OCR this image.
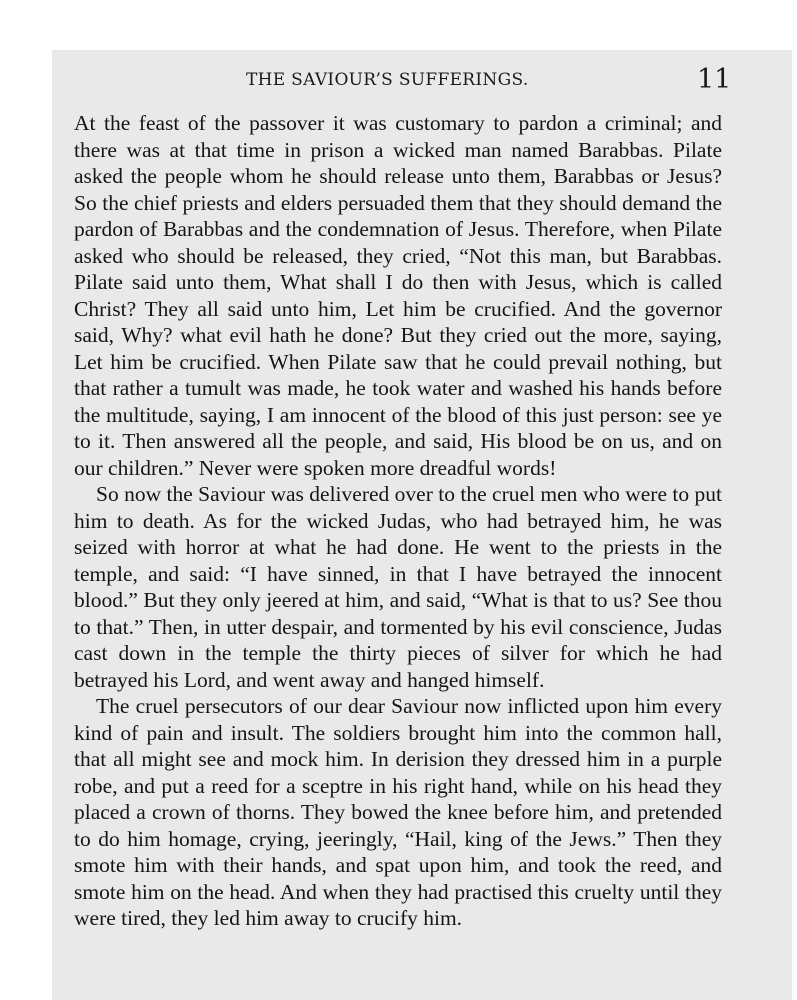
THE SAVIOUR’S SUFFERINGS.	11

At the feast of the passover it was customary to pardon a criminal; and there was at that time in prison a wicked man named Barabbas. Pilate asked the people whom he should release unto them, Barabbas or Jesus? So the chief priests and elders persuaded them that they should demand the pardon of Barabbas and the condemnation of Jesus. Therefore, when Pilate asked who should be released, they cried, “Not this man, but Barabbas. Pilate said unto them, What shall I do then with Jesus, which is called Christ? They all said unto him, Let him be crucified. And the governor said, Why? what evil hath he done? But they cried out the more, saying, Let him be crucified. When Pilate saw that he could prevail nothing, but that rather a tumult was made, he took water and washed his hands before the multitude, saying, I am innocent of the blood of this just person: see ye to it. Then answered all the people, and said, His blood be on us, and on our children.” Never were spoken more dreadful words!

So now the Saviour was delivered over to the cruel men who were to put him to death. As for the wicked Judas, who had betrayed him, he was seized with horror at what he had done. He went to the priests in the temple, and said: “I have sinned, in that I have betrayed the innocent blood.” But they only jeered at him, and said, “What is that to us? See thou to that.” Then, in utter despair, and tormented by his evil conscience, Judas cast down in the temple the thirty pieces of silver for which he had betrayed his Lord, and went away and hanged himself.

The cruel persecutors of our dear Saviour now inflicted upon him every kind of pain and insult. The soldiers brought him into the common hall, that all might see and mock him. In derision they dressed him in a purple robe, and put a reed for a sceptre in his right hand, while on his head they placed a crown of thorns. They bowed the knee before him, and pretended to do him homage, crying, jeeringly, “Hail, king of the Jews.” Then they smote him with their hands, and spat upon him, and took the reed, and smote him on the head. And when they had practised this cruelty until they were tired, they led him away to crucify him.
